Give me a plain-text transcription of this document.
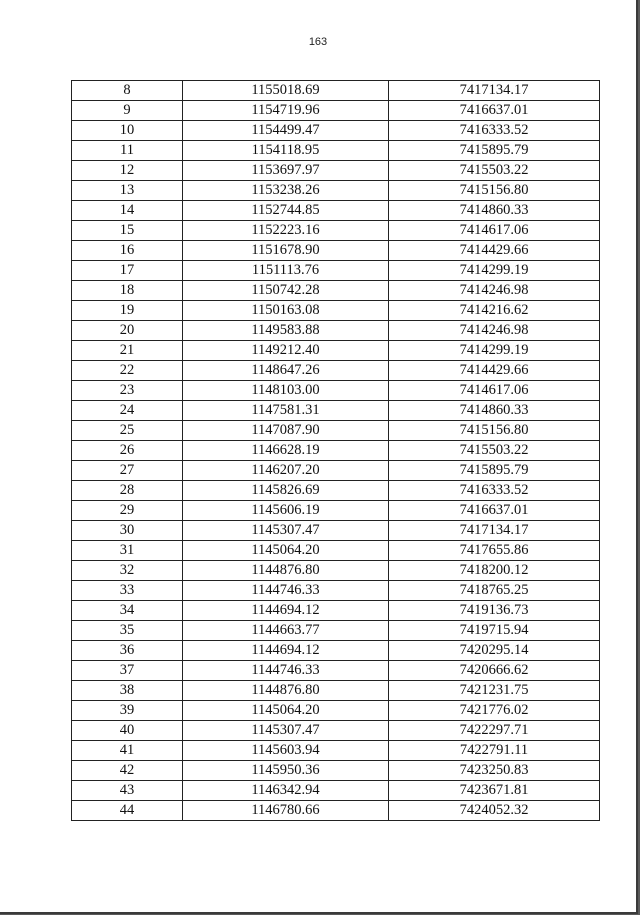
163
8	1155018.69	7417134.17
9	1154719.96	7416637.01
10	1154499.47	7416333.52
11	1154118.95	7415895.79
12	1153697.97	7415503.22
13	1153238.26	7415156.80
14	1152744.85	7414860.33
15	1152223.16	7414617.06
16	1151678.90	7414429.66
17	1151113.76	7414299.19
18	1150742.28	7414246.98
19	1150163.08	7414216.62
20	1149583.88	7414246.98
21	1149212.40	7414299.19
22	1148647.26	7414429.66
23	1148103.00	7414617.06
24	1147581.31	7414860.33
25	1147087.90	7415156.80
26	1146628.19	7415503.22
27	1146207.20	7415895.79
28	1145826.69	7416333.52
29	1145606.19	7416637.01
30	1145307.47	7417134.17
31	1145064.20	7417655.86
32	1144876.80	7418200.12
33	1144746.33	7418765.25
34	1144694.12	7419136.73
35	1144663.77	7419715.94
36	1144694.12	7420295.14
37	1144746.33	7420666.62
38	1144876.80	7421231.75
39	1145064.20	7421776.02
40	1145307.47	7422297.71
41	1145603.94	7422791.11
42	1145950.36	7423250.83
43	1146342.94	7423671.81
44	1146780.66	7424052.32
